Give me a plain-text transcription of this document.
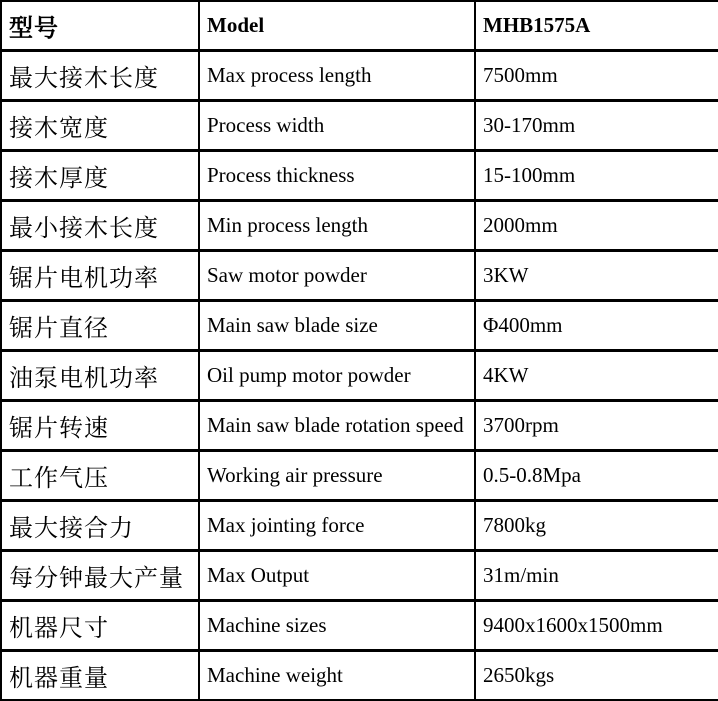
型号	Model	MHB1575A
最大接木长度	Max process length	7500mm
接木宽度	Process width	30-170mm
接木厚度	Process thickness	15-100mm
最小接木长度	Min process length	2000mm
锯片电机功率	Saw motor powder	3KW
锯片直径	Main saw blade size	Φ400mm
油泵电机功率	Oil pump motor powder	4KW
锯片转速	Main saw blade rotation speed	3700rpm
工作气压	Working air pressure	0.5-0.8Mpa
最大接合力	Max jointing force	7800kg
每分钟最大产量	Max Output	31m/min
机器尺寸	Machine sizes	9400x1600x1500mm
机器重量	Machine weight	2650kgs
